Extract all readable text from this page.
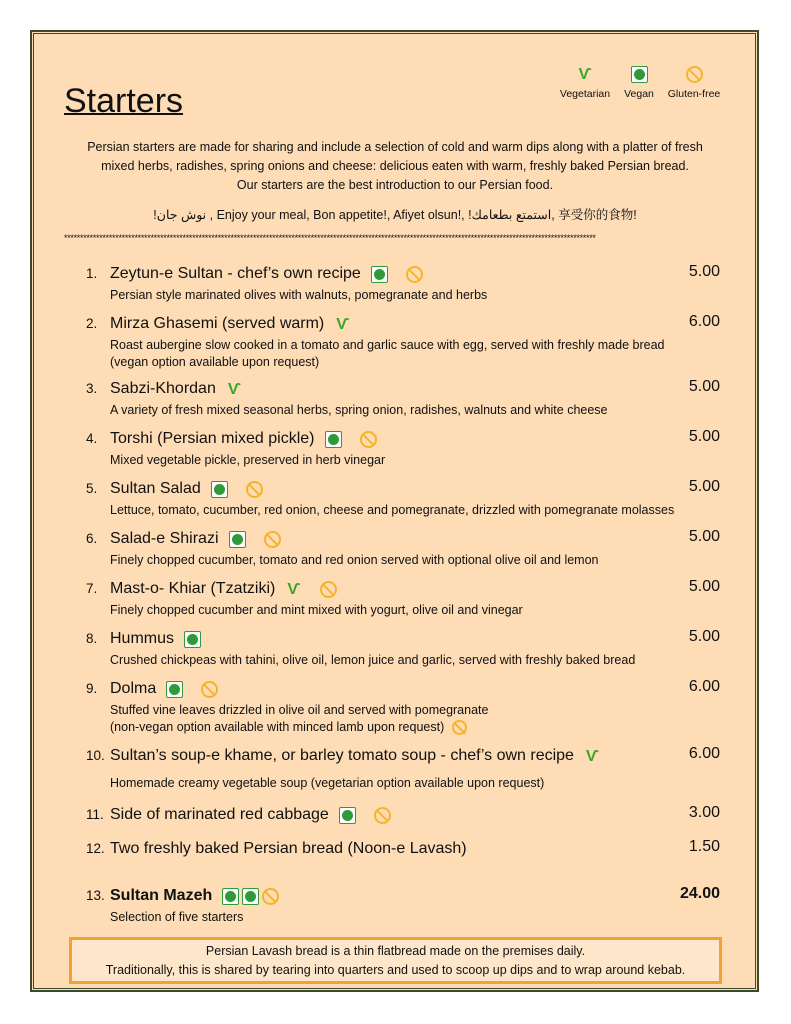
Starters
Ѵ
Vegetarian	Vegan	Gluten-free
Persian starters are made for sharing and include a selection of cold and warm dips along with a platter of fresh
mixed herbs, radishes, spring onions and cheese: delicious eaten with warm, freshly baked Persian bread.
Our starters are the best introduction to our Persian food.
!نوش جان , Enjoy your meal, Bon appetite!, Afiyet olsun!, !استمتع بطعامك, 享受你的食物!
**********************************************************************************************************************************************************************
1. Zeytun-e Sultan - chef’s own recipe	5.00
Persian style marinated olives with walnuts, pomegranate and herbs
2. Mirza Ghasemi (served warm) Ѵ	6.00
Roast aubergine slow cooked in a tomato and garlic sauce with egg, served with freshly made bread
(vegan option available upon request)
3. Sabzi-Khordan Ѵ	5.00
A variety of fresh mixed seasonal herbs, spring onion, radishes, walnuts and white cheese
4. Torshi (Persian mixed pickle)	5.00
Mixed vegetable pickle, preserved in herb vinegar
5. Sultan Salad	5.00
Lettuce, tomato, cucumber, red onion, cheese and pomegranate, drizzled with pomegranate molasses
6. Salad-e Shirazi	5.00
Finely chopped cucumber, tomato and red onion served with optional olive oil and lemon
7. Mast-o- Khiar (Tzatziki) Ѵ	5.00
Finely chopped cucumber and mint mixed with yogurt, olive oil and vinegar
8. Hummus	5.00
Crushed chickpeas with tahini, olive oil, lemon juice and garlic, served with freshly baked bread
9. Dolma	6.00
Stuffed vine leaves drizzled in olive oil and served with pomegranate
(non-vegan option available with minced lamb upon request)
10. Sultan’s soup-e khame, or barley tomato soup - chef’s own recipe Ѵ	6.00
Homemade creamy vegetable soup (vegetarian option available upon request)
11. Side of marinated red cabbage	3.00
12. Two freshly baked Persian bread (Noon-e Lavash)	1.50
13. Sultan Mazeh	24.00
Selection of five starters
Persian Lavash bread is a thin flatbread made on the premises daily.
Traditionally, this is shared by tearing into quarters and used to scoop up dips and to wrap around kebab.
